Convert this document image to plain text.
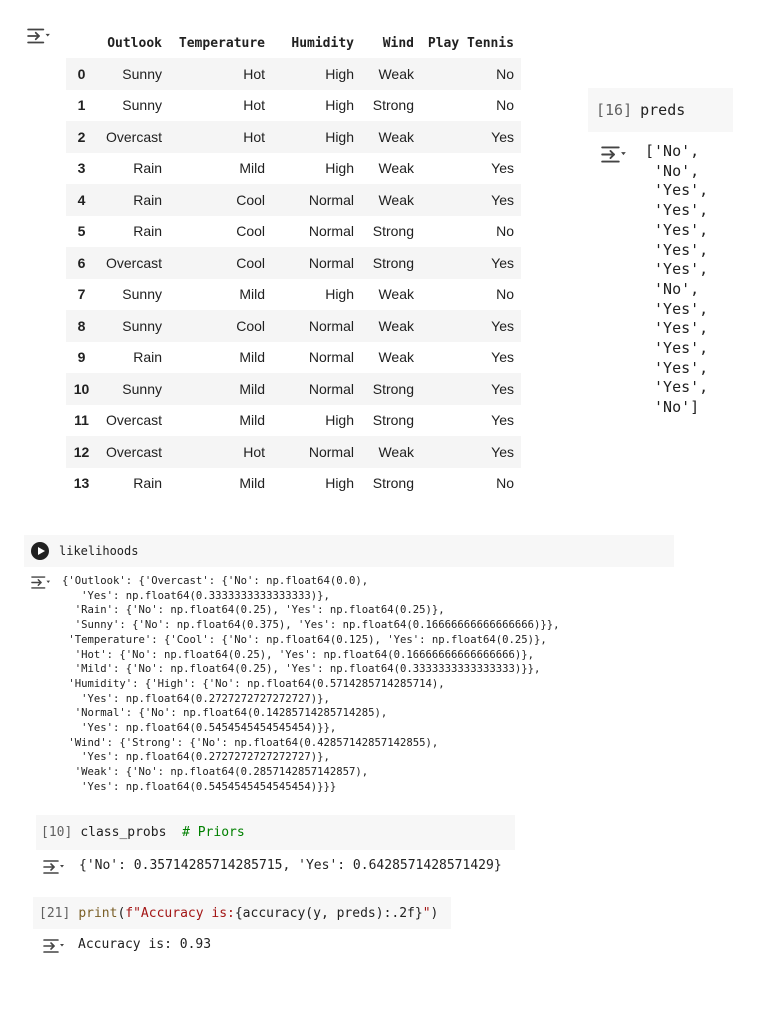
	Outlook	Temperature	Humidity	Wind	Play Tennis
0	Sunny	Hot	High	Weak	No
1	Sunny	Hot	High	Strong	No
2	Overcast	Hot	High	Weak	Yes
3	Rain	Mild	High	Weak	Yes
4	Rain	Cool	Normal	Weak	Yes
5	Rain	Cool	Normal	Strong	No
6	Overcast	Cool	Normal	Strong	Yes
7	Sunny	Mild	High	Weak	No
8	Sunny	Cool	Normal	Weak	Yes
9	Rain	Mild	Normal	Weak	Yes
10	Sunny	Mild	Normal	Strong	Yes
11	Overcast	Mild	High	Strong	Yes
12	Overcast	Hot	Normal	Weak	Yes
13	Rain	Mild	High	Strong	No
[16] preds
['No',
'No',
'Yes',
'Yes',
'Yes',
'Yes',
'Yes',
'No',
'Yes',
'Yes',
'Yes',
'Yes',
'Yes',
'No']
likelihoods
{'Outlook': {'Overcast': {'No': np.float64(0.0),
'Yes': np.float64(0.3333333333333333)},
'Rain': {'No': np.float64(0.25), 'Yes': np.float64(0.25)},
'Sunny': {'No': np.float64(0.375), 'Yes': np.float64(0.16666666666666666)}},
'Temperature': {'Cool': {'No': np.float64(0.125), 'Yes': np.float64(0.25)},
'Hot': {'No': np.float64(0.25), 'Yes': np.float64(0.16666666666666666)},
'Mild': {'No': np.float64(0.25), 'Yes': np.float64(0.3333333333333333)}},
'Humidity': {'High': {'No': np.float64(0.5714285714285714),
'Yes': np.float64(0.2727272727272727)},
'Normal': {'No': np.float64(0.14285714285714285),
'Yes': np.float64(0.5454545454545454)}},
'Wind': {'Strong': {'No': np.float64(0.42857142857142855),
'Yes': np.float64(0.2727272727272727)},
'Weak': {'No': np.float64(0.2857142857142857),
'Yes': np.float64(0.5454545454545454)}}}
[10] class_probs
# Priors
{'No': 0.35714285714285715, 'Yes': 0.6428571428571429}
[21] print ( f"Accuracy is: {accuracy(y, preds):.2f} " )
Accuracy is: 0.93
